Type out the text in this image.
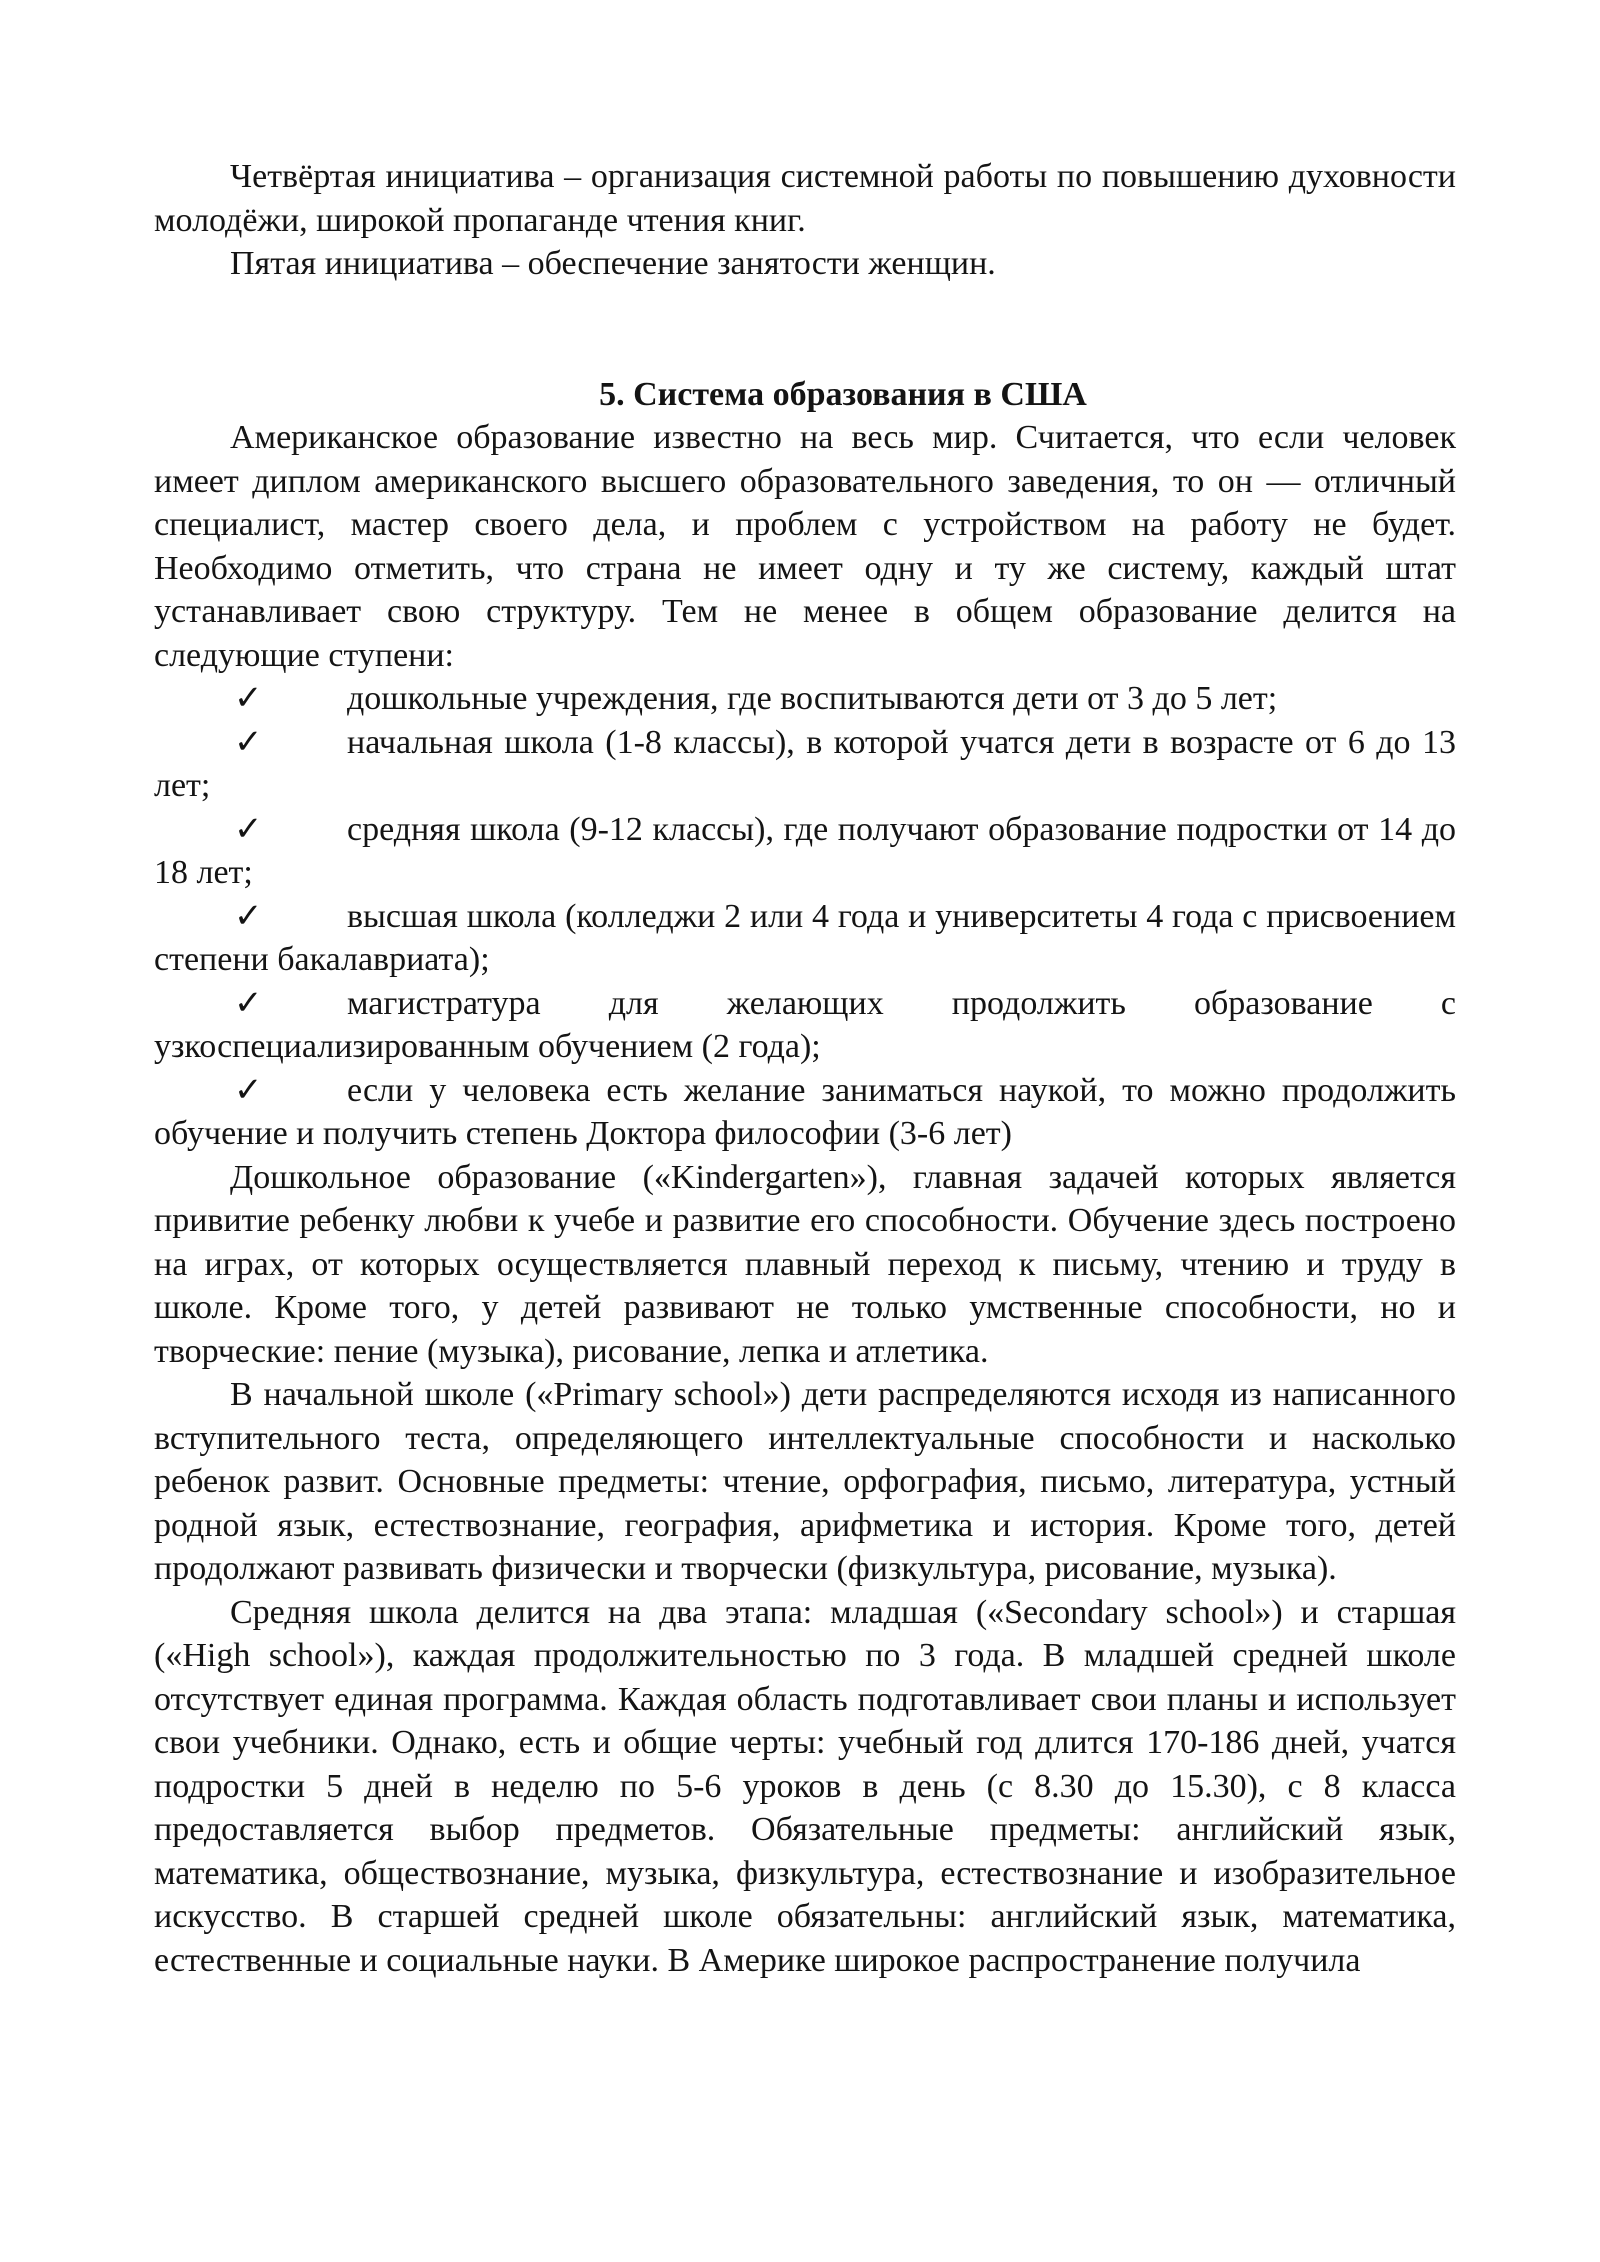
Четвёртая инициатива – организация системной работы по повышению духовности молодёжи, широкой пропаганде чтения книг.

Пятая инициатива – обеспечение занятости женщин.

5. Система образования в США

Американское образование известно на весь мир. Считается, что если человек имеет диплом американского высшего образовательного заведения, то он — отличный специалист, мастер своего дела, и проблем с устройством на работу не будет. Необходимо отметить, что страна не имеет одну и ту же систему, каждый штат устанавливает свою структуру. Тем не менее в общем образование делится на следующие ступени:

✓ дошкольные учреждения, где воспитываются дети от 3 до 5 лет;

✓ начальная школа (1-8 классы), в которой учатся дети в возрасте от 6 до 13 лет;

✓ средняя школа (9-12 классы), где получают образование подростки от 14 до 18 лет;

✓ высшая школа (колледжи 2 или 4 года и университеты 4 года с присвоением степени бакалавриата);

✓ магистратура для желающих продолжить образование с узкоспециализированным обучением (2 года);

✓ если у человека есть желание заниматься наукой, то можно продолжить обучение и получить степень Доктора философии (3-6 лет)

Дошкольное образование («Kindergarten»), главная задачей которых является привитие ребенку любви к учебе и развитие его способности. Обучение здесь построено на играх, от которых осуществляется плавный переход к письму, чтению и труду в школе. Кроме того, у детей развивают не только умственные способности, но и творческие: пение (музыка), рисование, лепка и атлетика.

В начальной школе («Primary school») дети распределяются исходя из написанного вступительного теста, определяющего интеллектуальные способности и насколько ребенок развит. Основные предметы: чтение, орфография, письмо, литература, устный родной язык, естествознание, география, арифметика и история. Кроме того, детей продолжают развивать физически и творчески (физкультура, рисование, музыка).

Средняя школа делится на два этапа: младшая («Secondary school») и старшая («High school»), каждая продолжительностью по 3 года. В младшей средней школе отсутствует единая программа. Каждая область подготавливает свои планы и использует свои учебники. Однако, есть и общие черты: учебный год длится 170-186 дней, учатся подростки 5 дней в неделю по 5-6 уроков в день (с 8.30 до 15.30), с 8 класса предоставляется выбор предметов. Обязательные предметы: английский язык, математика, обществознание, музыка, физкультура, естествознание и изобразительное искусство. В старшей средней школе обязательны: английский язык, математика, естественные и социальные науки. В Америке широкое распространение получила
